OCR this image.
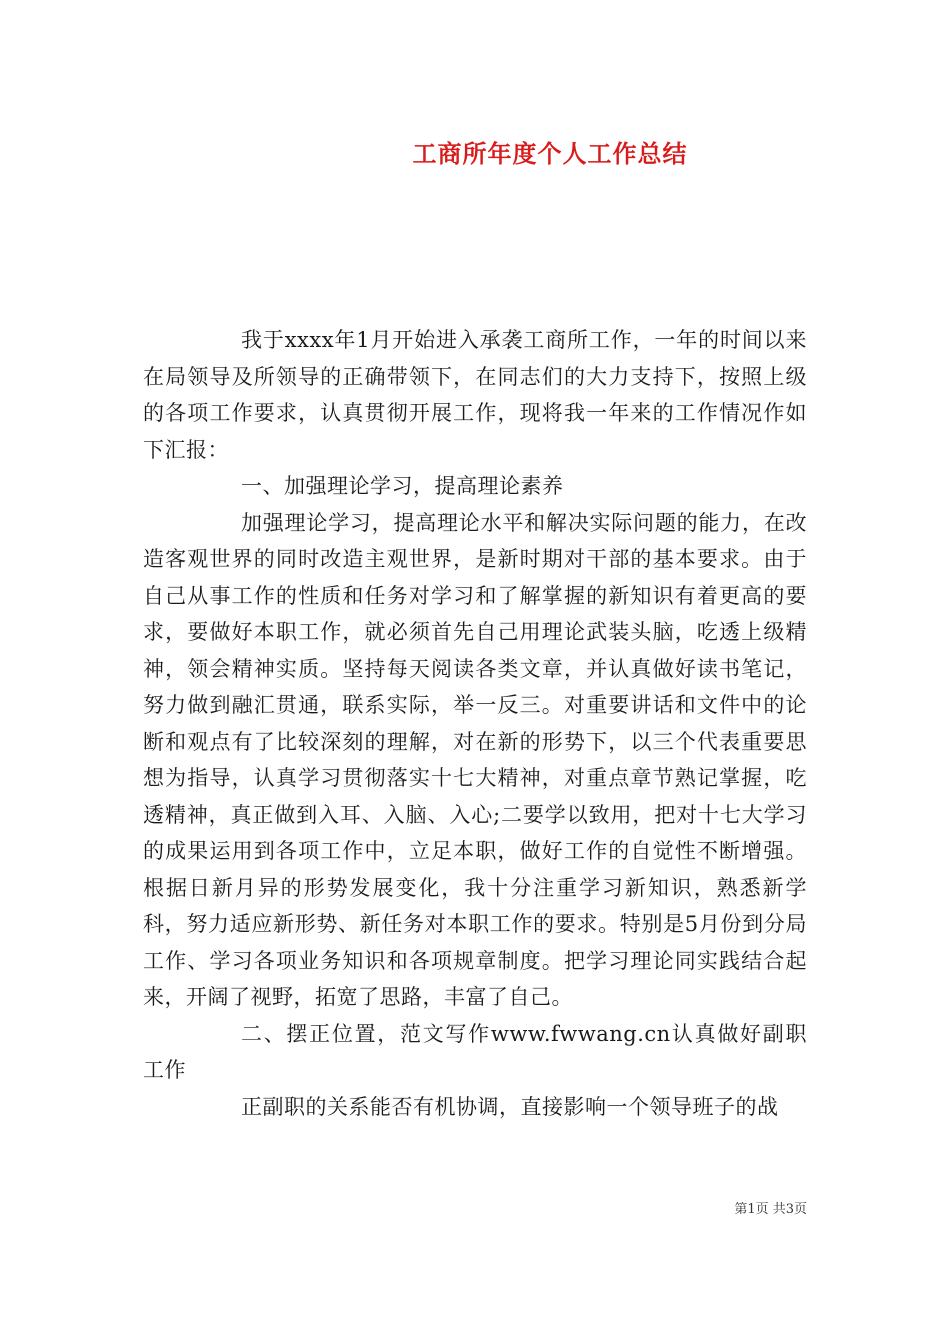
工商所年度个人工作总结

我于xxxx年1月开始进入承袭工商所工作，一年的时间以来在局领导及所领导的正确带领下，在同志们的大力支持下，按照上级的各项工作要求，认真贯彻开展工作，现将我一年来的工作情况作如下汇报：

一、加强理论学习，提高理论素养

加强理论学习，提高理论水平和解决实际问题的能力，在改造客观世界的同时改造主观世界，是新时期对干部的基本要求。由于自己从事工作的性质和任务对学习和了解掌握的新知识有着更高的要求，要做好本职工作，就必须首先自己用理论武装头脑，吃透上级精神，领会精神实质。坚持每天阅读各类文章，并认真做好读书笔记，努力做到融汇贯通，联系实际，举一反三。对重要讲话和文件中的论断和观点有了比较深刻的理解，对在新的形势下，以三个代表重要思想为指导，认真学习贯彻落实十七大精神，对重点章节熟记掌握，吃透精神，真正做到入耳、入脑、入心;二要学以致用，把对十七大学习的成果运用到各项工作中，立足本职，做好工作的自觉性不断增强。根据日新月异的形势发展变化，我十分注重学习新知识，熟悉新学科，努力适应新形势、新任务对本职工作的要求。特别是5月份到分局工作、学习各项业务知识和各项规章制度。把学习理论同实践结合起来，开阔了视野，拓宽了思路，丰富了自己。

二、摆正位置，范文写作www.fwwang.cn认真做好副职工作

正副职的关系能否有机协调，直接影响一个领导班子的战

第1页 共3页
